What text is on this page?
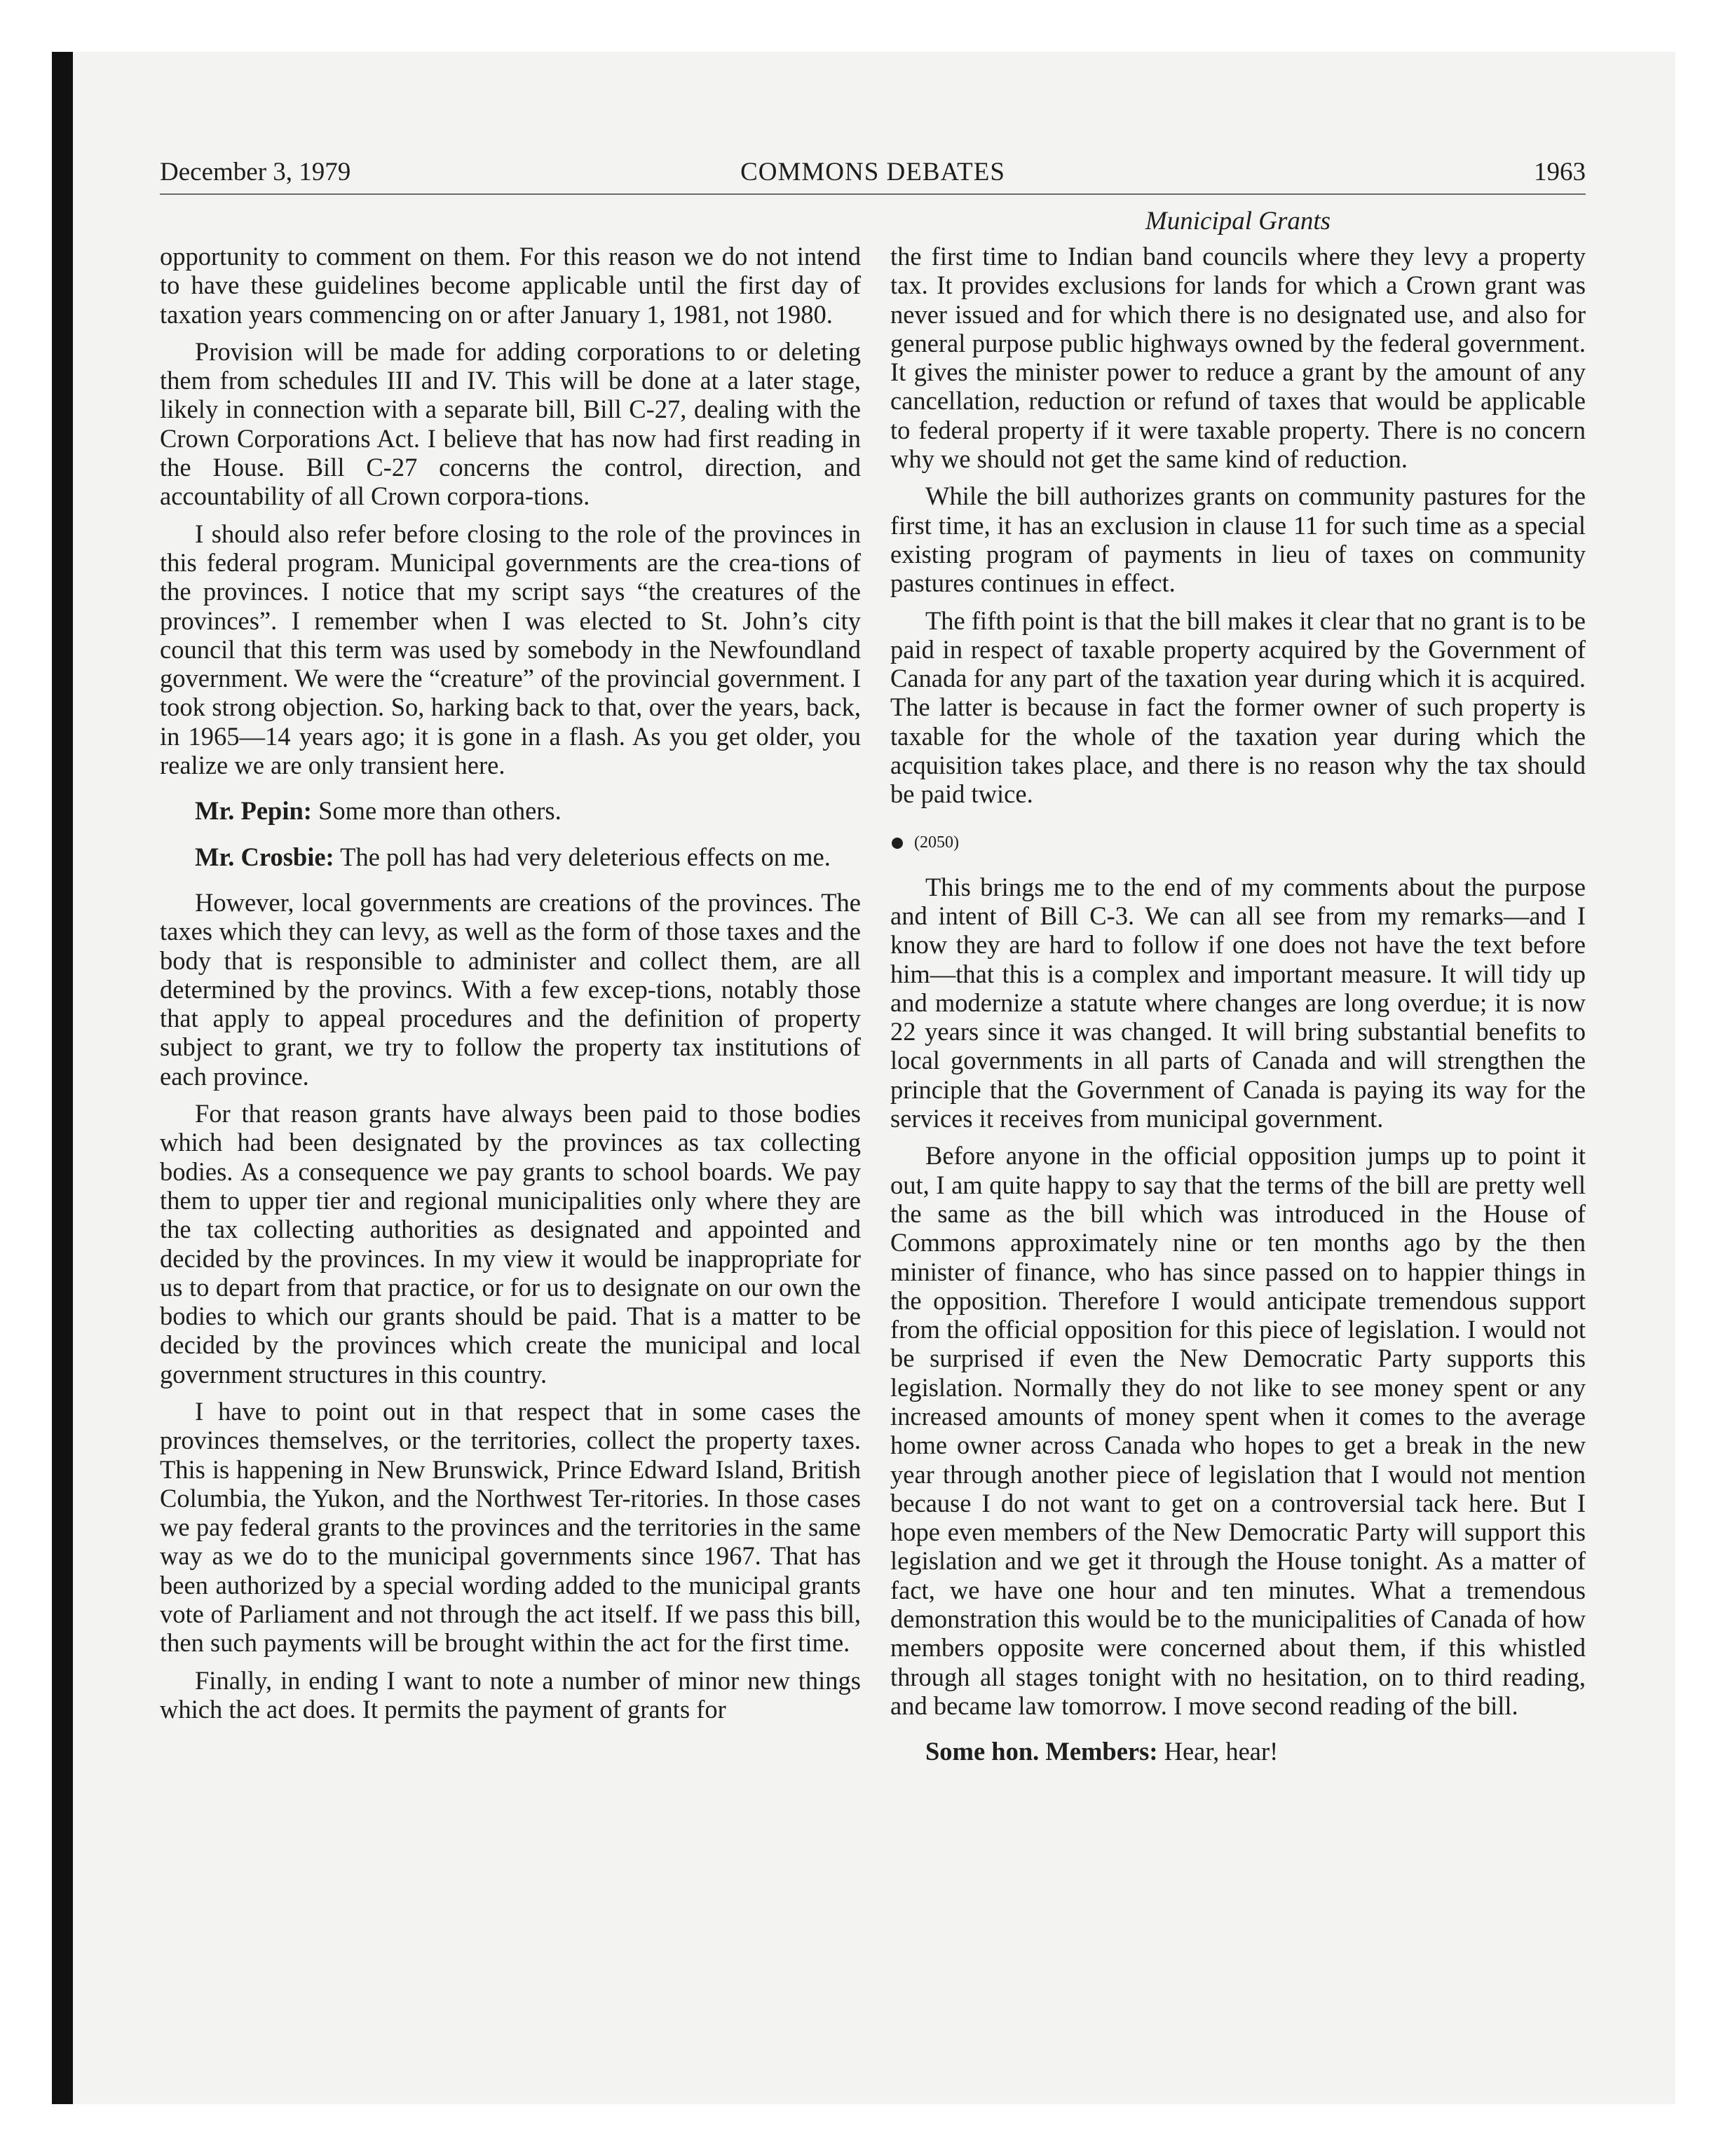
December 3, 1979	COMMONS DEBATES	1963
Municipal Grants

opportunity to comment on them. For this reason we do not intend to have these guidelines become applicable until the first day of taxation years commencing on or after January 1, 1981, not 1980.

Provision will be made for adding corporations to or deleting them from schedules III and IV. This will be done at a later stage, likely in connection with a separate bill, Bill C-27, dealing with the Crown Corporations Act. I believe that has now had first reading in the House. Bill C-27 concerns the control, direction, and accountability of all Crown corpora-tions.

I should also refer before closing to the role of the provinces in this federal program. Municipal governments are the crea-tions of the provinces. I notice that my script says “the creatures of the provinces”. I remember when I was elected to St. John’s city council that this term was used by somebody in the Newfoundland government. We were the “creature” of the provincial government. I took strong objection. So, harking back to that, over the years, back, in 1965—14 years ago; it is gone in a flash. As you get older, you realize we are only transient here.

Mr. Pepin: Some more than others.

Mr. Crosbie: The poll has had very deleterious effects on me.

However, local governments are creations of the provinces. The taxes which they can levy, as well as the form of those taxes and the body that is responsible to administer and collect them, are all determined by the provincs. With a few excep-tions, notably those that apply to appeal procedures and the definition of property subject to grant, we try to follow the property tax institutions of each province.

For that reason grants have always been paid to those bodies which had been designated by the provinces as tax collecting bodies. As a consequence we pay grants to school boards. We pay them to upper tier and regional municipalities only where they are the tax collecting authorities as designated and appointed and decided by the provinces. In my view it would be inappropriate for us to depart from that practice, or for us to designate on our own the bodies to which our grants should be paid. That is a matter to be decided by the provinces which create the municipal and local government structures in this country.

I have to point out in that respect that in some cases the provinces themselves, or the territories, collect the property taxes. This is happening in New Brunswick, Prince Edward Island, British Columbia, the Yukon, and the Northwest Ter-ritories. In those cases we pay federal grants to the provinces and the territories in the same way as we do to the municipal governments since 1967. That has been authorized by a special wording added to the municipal grants vote of Parliament and not through the act itself. If we pass this bill, then such payments will be brought within the act for the first time.

Finally, in ending I want to note a number of minor new things which the act does. It permits the payment of grants for

the first time to Indian band councils where they levy a property tax. It provides exclusions for lands for which a Crown grant was never issued and for which there is no designated use, and also for general purpose public highways owned by the federal government. It gives the minister power to reduce a grant by the amount of any cancellation, reduction or refund of taxes that would be applicable to federal property if it were taxable property. There is no concern why we should not get the same kind of reduction.

While the bill authorizes grants on community pastures for the first time, it has an exclusion in clause 11 for such time as a special existing program of payments in lieu of taxes on community pastures continues in effect.

The fifth point is that the bill makes it clear that no grant is to be paid in respect of taxable property acquired by the Government of Canada for any part of the taxation year during which it is acquired. The latter is because in fact the former owner of such property is taxable for the whole of the taxation year during which the acquisition takes place, and there is no reason why the tax should be paid twice.

(2050)

This brings me to the end of my comments about the purpose and intent of Bill C-3. We can all see from my remarks—and I know they are hard to follow if one does not have the text before him—that this is a complex and important measure. It will tidy up and modernize a statute where changes are long overdue; it is now 22 years since it was changed. It will bring substantial benefits to local governments in all parts of Canada and will strengthen the principle that the Government of Canada is paying its way for the services it receives from municipal government.

Before anyone in the official opposition jumps up to point it out, I am quite happy to say that the terms of the bill are pretty well the same as the bill which was introduced in the House of Commons approximately nine or ten months ago by the then minister of finance, who has since passed on to happier things in the opposition. Therefore I would anticipate tremendous support from the official opposition for this piece of legislation. I would not be surprised if even the New Democratic Party supports this legislation. Normally they do not like to see money spent or any increased amounts of money spent when it comes to the average home owner across Canada who hopes to get a break in the new year through another piece of legislation that I would not mention because I do not want to get on a controversial tack here. But I hope even members of the New Democratic Party will support this legislation and we get it through the House tonight. As a matter of fact, we have one hour and ten minutes. What a tremendous demonstration this would be to the municipalities of Canada of how members opposite were concerned about them, if this whistled through all stages tonight with no hesitation, on to third reading, and became law tomorrow. I move second reading of the bill.

Some hon. Members: Hear, hear!
